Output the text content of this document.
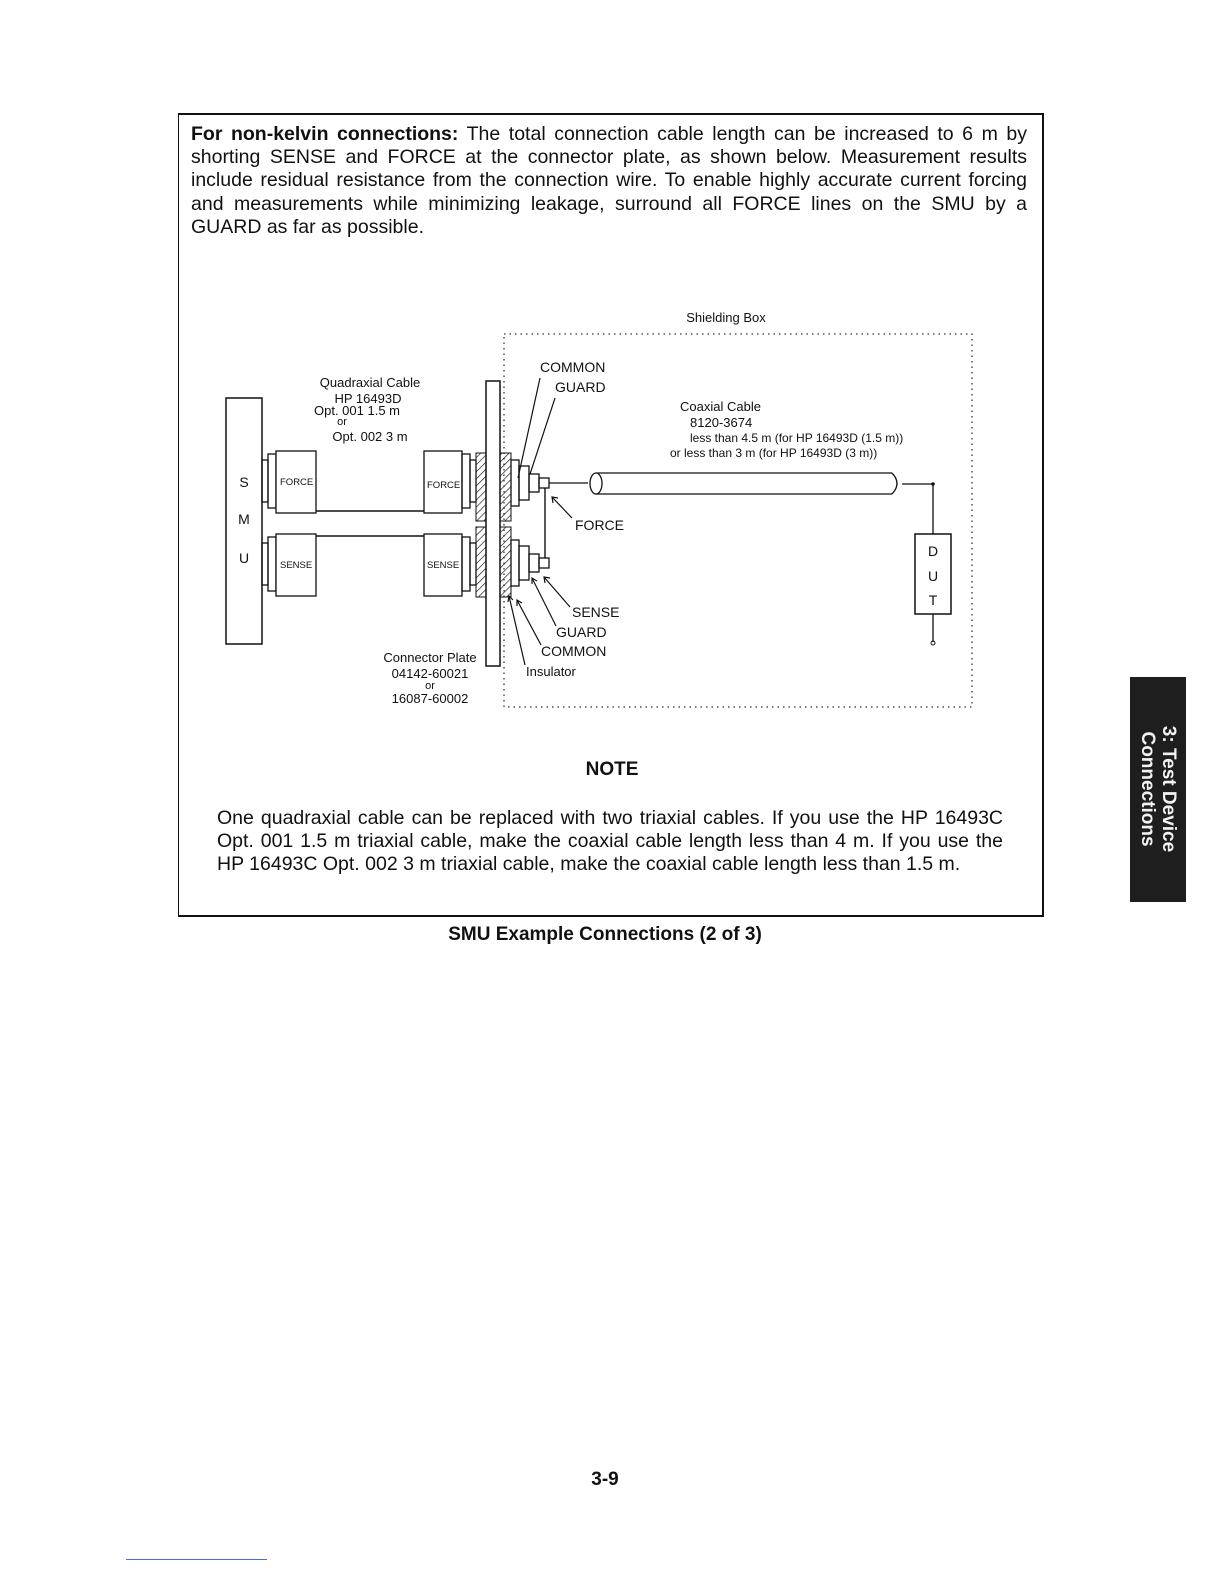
For non-kelvin connections: The total connection cable length can be increased to 6 m by shorting SENSE and FORCE at the connector plate, as shown below. Measurement results include residual resistance from the connection wire. To enable highly accurate current forcing and measurements while minimizing leakage, surround all FORCE lines on the SMU by a GUARD as far as possible.

Shielding Box
S
M
U
FORCE
SENSE
Quadraxial Cable
HP 16493D
Opt. 001 1.5 m
or
Opt. 002 3 m
FORCE
SENSE
Connector Plate
04142-60021
or
16087-60002
Coaxial Cable
8120-3674
less than 4.5 m (for HP 16493D (1.5 m))
or less than 3 m (for HP 16493D (3 m))
D
U
T
COMMON
GUARD
FORCE
SENSE
GUARD
COMMON
Insulator

NOTE

One quadraxial cable can be replaced with two triaxial cables. If you use the HP 16493C Opt. 001 1.5 m triaxial cable, make the coaxial cable length less than 4 m. If you use the HP 16493C Opt. 002 3 m triaxial cable, make the coaxial cable length less than 1.5 m.

SMU Example Connections (2 of 3)

3-9

3: Test Device
Connections
